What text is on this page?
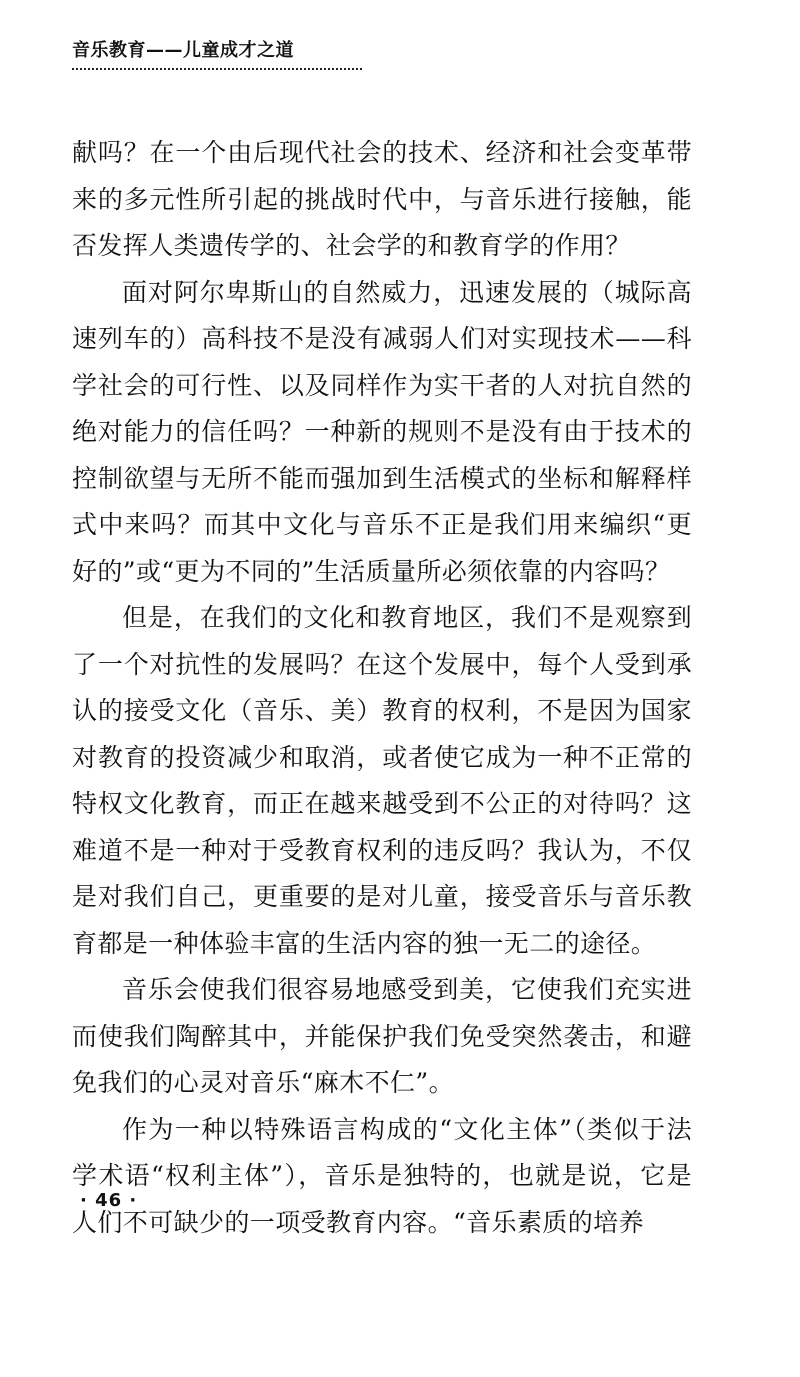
音乐教育——儿童成才之道

献吗？在一个由后现代社会的技术、经济和社会变革带来的多元性所引起的挑战时代中，与音乐进行接触，能否发挥人类遗传学的、社会学的和教育学的作用？

面对阿尔卑斯山的自然威力，迅速发展的（城际高速列车的）高科技不是没有减弱人们对实现技术——科学社会的可行性、以及同样作为实干者的人对抗自然的绝对能力的信任吗？一种新的规则不是没有由于技术的控制欲望与无所不能而强加到生活模式的坐标和解释样式中来吗？而其中文化与音乐不正是我们用来编织“更好的”或“更为不同的”生活质量所必须依靠的内容吗？

但是，在我们的文化和教育地区，我们不是观察到了一个对抗性的发展吗？在这个发展中，每个人受到承认的接受文化（音乐、美）教育的权利，不是因为国家对教育的投资减少和取消，或者使它成为一种不正常的特权文化教育，而正在越来越受到不公正的对待吗？这难道不是一种对于受教育权利的违反吗？我认为，不仅是对我们自己，更重要的是对儿童，接受音乐与音乐教育都是一种体验丰富的生活内容的独一无二的途径。

音乐会使我们很容易地感受到美，它使我们充实进而使我们陶醉其中，并能保护我们免受突然袭击，和避免我们的心灵对音乐“麻木不仁”。

作为一种以特殊语言构成的“文化主体”（类似于法学术语“权利主体”），音乐是独特的，也就是说，它是人们不可缺少的一项受教育内容。“音乐素质的培养

· 46 ·
